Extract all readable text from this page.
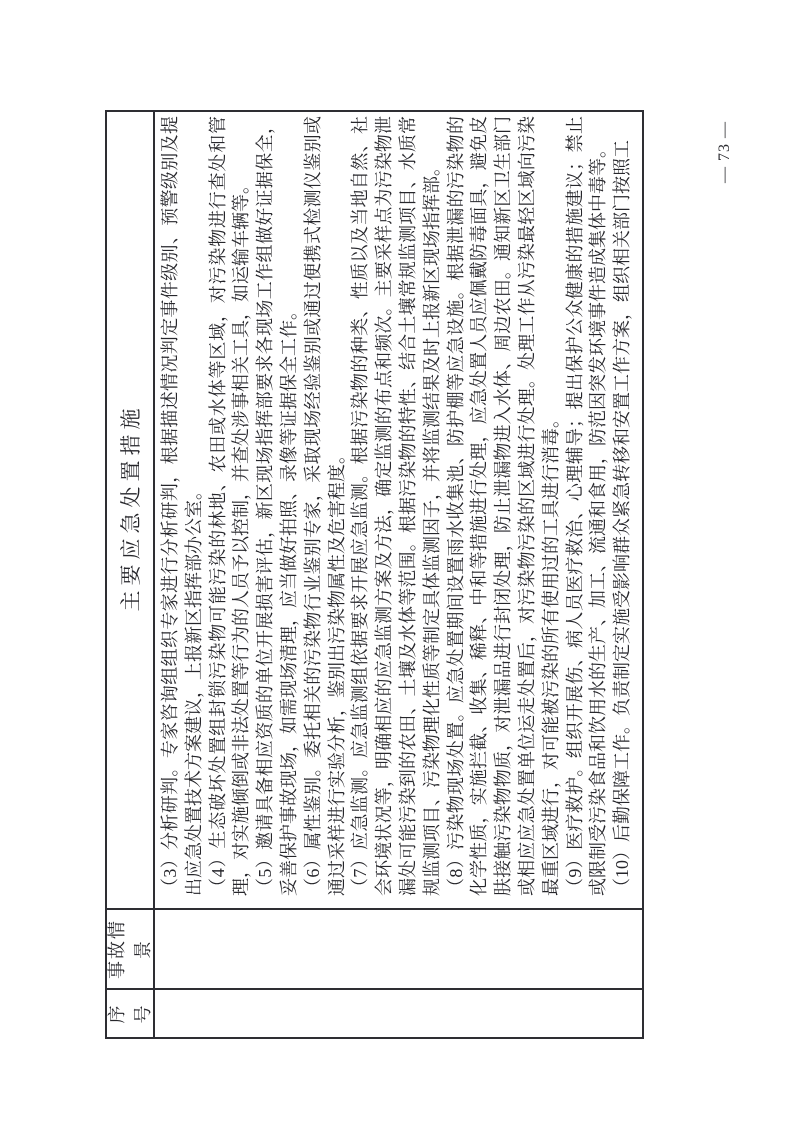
序号
事故情景
主要应急处置措施 （3）分析研判。专家咨询组组织专家进行分析研判，根据描述情况判定事件级别、预警级别及提出应急处置技术方案建议，上报新区指挥部办公室。 （4）生态破坏处置组封锁污染物可能污染的林地、农田或水体等区域，对污染物进行查处和管理，对实施倾倒或非法处置等行为的人员予以控制，并查处涉事相关工具，如运输车辆等。 （5）邀请具备相应资质的单位开展损害评估，新区现场指挥部要求各现场工作组做好证据保全，妥善保护事故现场，如需现场清理，应当做好拍照、录像等证据保全工作。 （6）属性鉴别。委托相关的污染物行业鉴别专家，采取现场经验鉴别或通过便携式检测仪鉴别或通过采样进行实验分析，鉴别出污染物属性及危害程度。 （7）应急监测。应急监测组依据要求开展应急监测。根据污染物的种类、性质以及当地自然、社会环境状况等，明确相应的应急监测方案及方法，确定监测的布点和频次。主要采样点为污染物泄漏处可能污染到的农田、土壤及水体等范围。根据污染物的特性、结合土壤常规监测项目、水质常规监测项目、污染物理化性质等制定具体监测因子，并将监测结果及时上报新区现场指挥部。 （8）污染物现场处置。应急处置期间设置雨水收集池、防护棚等应急设施。根据泄漏的污染物的化学性质，实施拦截、收集、稀释、中和等措施进行处理，应急处置人员应佩戴防毒面具，避免皮肤接触污染物物质，对泄漏品进行封闭处理，防止泄漏物进入水体、周边农田。通知新区卫生部门或相应应急处置单位运走处置后，对污染物污染的区域进行处理。处理工作从污染最轻区域向污染最重区域进行，对可能被污染的所有使用过的工具进行消毒。 （9）医疗救护。组织开展伤、病人员医疗救治、心理辅导；提出保护公众健康的措施建议；禁止或限制受污染食品和饮用水的生产、加工、流通和食用，防范因突发环境事件造成集体中毒等。 （10）后勤保障工作。负责制定实施受影响群众紧急转移和安置工作方案，组织相关部门按照工	— 73 —
